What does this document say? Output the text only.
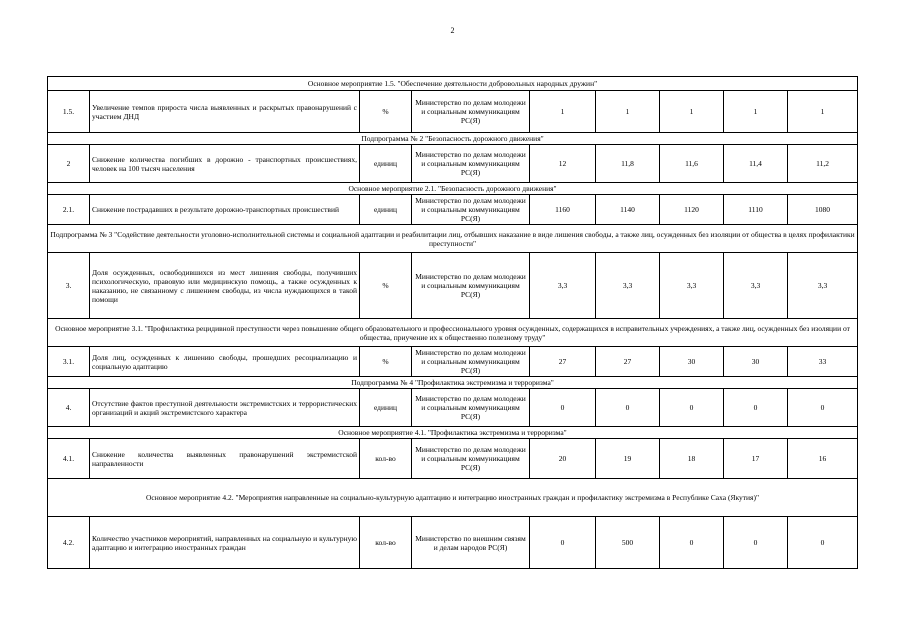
2
Основное мероприятие 1.5. "Обеспечение деятельности добровольных народных дружин"								
1.5.	Увеличение темпов прироста числа выявленных и раскрытых правонарушений с участием ДНД	%	Министерство по делам молодежи и социальным коммуникациям РС(Я)	1	1	1	1	1
Подпрограмма № 2 "Безопасность дорожного движения"								
2	Снижение количества погибших в дорожно - транспортных происшествиях, человек на 100 тысяч населения	единиц	Министерство по делам молодежи и социальным коммуникациям РС(Я)	12	11,8	11,6	11,4	11,2
Основное мероприятие 2.1. "Безопасность дорожного движения"								
2.1.	Снижение пострадавших в результате дорожно-транспортных происшествий	единиц	Министерство по делам молодежи и социальным коммуникациям РС(Я)	1160	1140	1120	1110	1080
Подпрограмма № 3 "Содействие деятельности уголовно-исполнительной системы и социальной адаптации и реабилитации лиц, отбывших наказание в виде лишения свободы, а также лиц, осужденных без изоляции от общества в целях профилактики преступности"								
3.	Доля осужденных, освободившихся из мест лишения свободы, получивших психологическую, правовую или медицинскую помощь, а также осужденных к наказанию, не связанному с лишением свободы, из числа нуждающихся в такой помощи	%	Министерство по делам молодежи и социальным коммуникациям РС(Я)	3,3	3,3	3,3	3,3	3,3
Основное мероприятие 3.1. "Профилактика рецидивной преступности через повышение общего образовательного и профессионального уровня осужденных, содержащихся в исправительных учреждениях, а также лиц, осужденных без изоляции от общества, приучение их к общественно полезному труду"								
3.1.	Доля лиц, осужденных к лишению свободы, прошедших ресоциализацию и социальную адаптацию	%	Министерство по делам молодежи и социальным коммуникациям РС(Я)	27	27	30	30	33
Подпрограмма № 4 "Профилактика экстремизма и терроризма"								
4.	Отсутствие фактов преступной деятельности экстремистских и террористических организаций и акций экстремистского характера	единиц	Министерство по делам молодежи и социальным коммуникациям РС(Я)	0	0	0	0	0
Основное мероприятие 4.1. "Профилактика экстремизма и терроризма"								
4.1.	Снижение количества выявленных правонарушений экстремистской направленности	кол-во	Министерство по делам молодежи и социальным коммуникациям РС(Я)	20	19	18	17	16
Основное мероприятие 4.2. "Мероприятия направленные на социально-культурную адаптацию и интеграцию иностранных граждан и профилактику экстремизма в Республике Саха (Якутия)"								
4.2.	Количество участников мероприятий, направленных на социальную и культурную адаптацию и интеграцию иностранных граждан	кол-во	Министерство по внешним связям и делам народов РС(Я)	0	500	0	0	0
